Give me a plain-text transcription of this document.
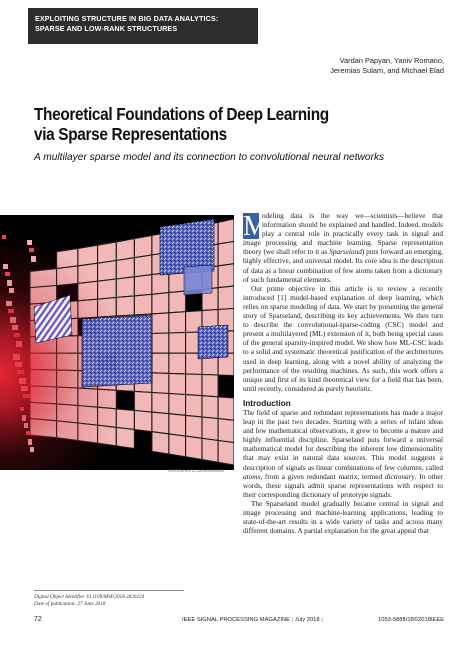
EXPLOITING STRUCTURE IN BIG DATA ANALYTICS:
SPARSE AND LOW-RANK STRUCTURES
Vardan Papyan, Yaniv Romano,
Jeremias Sulam, and Michael Elad
Theoretical Foundations of Deep Learning
via Sparse Representations
A multilayer sparse model and its connection to convolutional neural networks
©ISTOCKPHOTO.COM/HENRIK5000
Digital Object Identifier 10.1109/MSP.2018.2820224
Date of publication: 27 June 2018

M
odeling data is the way we—scientists—believe that information should be explained and handled. Indeed, models play a central role in practically every task in signal and image processing and machine learning. Sparse representation theory (we shall refer to it as Sparseland) puts forward an emerging, highly effective, and universal model. Its core idea is the description of data as a linear combination of few atoms taken from a dictionary of such fundamental elements.

Our prime objective in this article is to review a recently introduced [1] model-based explanation of deep learning, which relies on sparse modeling of data. We start by presenting the general story of Sparseland, describing its key achievements. We then turn to describe the convolutional-sparse-coding (CSC) model and present a multilayered (ML) extension of it, both being special cases of the general sparsity-inspired model. We show how ML-CSC leads to a solid and systematic theoretical justification of the architectures used in deep learning, along with a novel ability of analyzing the performance of the resulting machines. As such, this work offers a unique and first of its kind theoretical view for a field that has been, until recently, considered as purely heuristic.

Introduction

The field of sparse and redundant representations has made a major leap in the past two decades. Starting with a series of infant ideas and few mathematical observations, it grew to become a mature and highly influential discipline. Sparseland puts forward a universal mathematical model for describing the inherent low dimensionality that may exist in natural data sources. This model suggests a description of signals as linear combinations of few columns, called atoms, from a given redundant matrix, termed dictionary. In other words, these signals admit sparse representations with respect to their corresponding dictionary of prototype signals.

The Sparseland model gradually became central in signal and image processing and machine-learning applications, leading to state-of-the-art results in a wide variety of tasks and across many different domains. A partial explanation for the great appeal that

72	IEEE SIGNAL PROCESSING MAGAZINE | July 2018 |	1053-5888/18©2018IEEE
